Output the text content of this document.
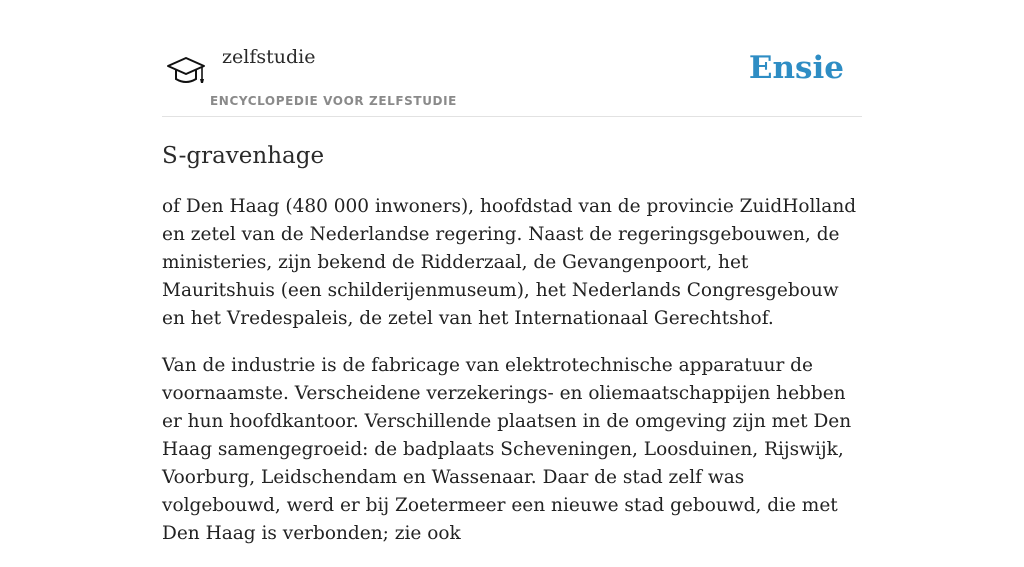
zelfstudie
ENCYCLOPEDIE VOOR ZELFSTUDIE
Ensie
S-gravenhage

of Den Haag (480 000 inwoners), hoofdstad van de provincie ZuidHolland en zetel van de Nederlandse regering. Naast de regeringsgebouwen, de ministeries, zijn bekend de Ridderzaal, de Gevangenpoort, het Mauritshuis (een schilderijenmuseum), het Nederlands Congresgebouw en het Vredespaleis, de zetel van het Internationaal Gerechtshof.

Van de industrie is de fabricage van elektrotechnische apparatuur de voornaamste. Verscheidene verzekerings- en oliemaatschappijen hebben er hun hoofdkantoor. Verschillende plaatsen in de omgeving zijn met Den Haag samengegroeid: de badplaats Scheveningen, Loosduinen, Rijswijk, Voorburg, Leidschendam en Wassenaar. Daar de stad zelf was volgebouwd, werd er bij Zoetermeer een nieuwe stad gebouwd, die met Den Haag is verbonden; zie ook
